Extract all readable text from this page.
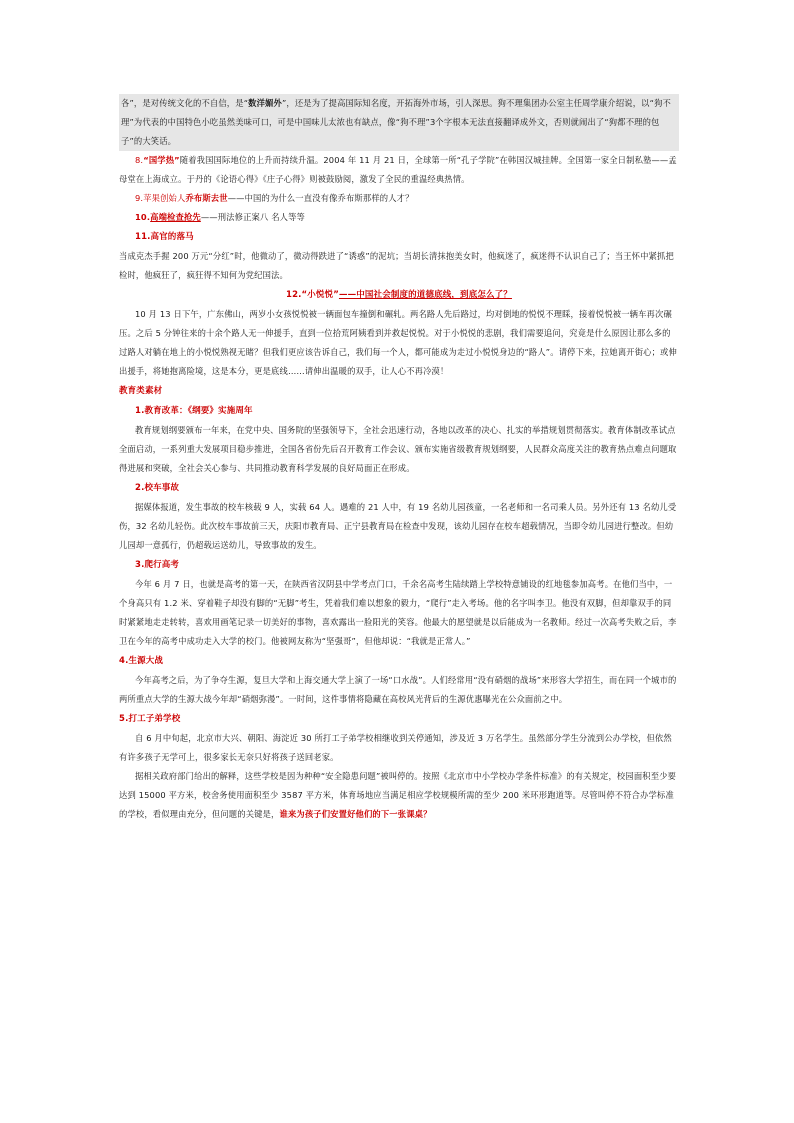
各”，是对传统文化的不自信，是“数洋媚外”，还是为了提高国际知名度，开拓海外市场，引人深思。狗不理集团办公室主任周学康介绍说，以“狗不理”为代表的中国特色小吃虽然美味可口，可是中国味儿太浓也有缺点，像“狗不理”3个字根本无法直接翻译成外文，否则就闹出了“狗都不理的包子”的大笑话。

8.“国学热”随着我国国际地位的上升而持续升温。2004 年 11 月 21 日，全球第一所“孔子学院”在韩国汉城挂牌。全国第一家全日制私塾——孟母堂在上海成立。于丹的《论语心得》《庄子心得》则被鼓励阅，激发了全民的重温经典热情。

9.苹果创始人乔布斯去世——中国的为什么一直没有像乔布斯那样的人才？

10.高端检查抢先——刑法修正案八 名人等等

11.高官的落马

当成克杰手握 200 万元“分红”时，他微动了，微动得跌进了“诱惑”的泥坑；当胡长清抹抱美女时，他疯迷了，疯迷得不认识自己了；当王怀中紧抓把检时，他疯狂了，疯狂得不知何为党纪国法。

12.“小悦悦”——中国社会制度的道德底线，到底怎么了？

10 月 13 日下午，广东佛山，两岁小女孩悦悦被一辆面包车撞倒和碾轧。两名路人先后路过，均对倒地的悦悦不理睬，接着悦悦被一辆车再次碾压。之后 5 分钟往来的十余个路人无一伸援手，直到一位拾荒阿姨看到并救起悦悦。对于小悦悦的悲剧，我们需要追问，究竟是什么原因让那么多的过路人对躺在地上的小悦悦熟视无睹？但我们更应该告诉自己，我们每一个人，都可能成为走过小悦悦身边的“路人”。请停下来，拉她离开街心；或伸出援手，将她抱离险境，这是本分，更是底线……请伸出温暖的双手，让人心不再冷漠！

教育类素材

1.教育改革：《纲要》实施周年

教育规划纲要颁布一年来，在党中央、国务院的坚强领导下，全社会迅速行动，各地以改革的决心、扎实的举措规划贯彻落实。教育体制改革试点全面启动，一系列重大发展项目稳步推进，全国各省份先后召开教育工作会议、颁布实施省级教育规划纲要，人民群众高度关注的教育热点难点问题取得进展和突破，全社会关心参与、共同推动教育科学发展的良好局面正在形成。

2.校车事故

据媒体报道，发生事故的校车核载 9 人，实载 64 人。遇难的 21 人中，有 19 名幼儿园孩童，一名老师和一名司乘人员。另外还有 13 名幼儿受伤，32 名幼儿轻伤。此次校车事故前三天，庆阳市教育局、正宁县教育局在检查中发现，该幼儿园存在校车超载情况，当即令幼儿园进行整改。但幼儿园却一意孤行，仍超载运送幼儿，导致事故的发生。

3.爬行高考

今年 6 月 7 日，也就是高考的第一天，在陕西省汉阴县中学考点门口，千余名高考生陆续踏上学校特意铺设的红地毯参加高考。在他们当中，一个身高只有 1.2 米、穿着鞋子却没有脚的“无脚”考生，凭着我们难以想象的毅力，“爬行”走入考场。他的名字叫李卫。他没有双脚，但却靠双手的同时紧紧地走走转转，喜欢用画笔记录一切美好的事物，喜欢露出一脸阳光的笑容。他最大的愿望就是以后能成为一名教师。经过一次高考失败之后，李卫在今年的高考中成功走入大学的校门。他被网友称为“坚强哥”，但他却说：“我就是正常人。”

4.生源大战

今年高考之后，为了争夺生源，复旦大学和上海交通大学上演了一场“口水战”。人们经常用“没有硝烟的战场”来形容大学招生，而在同一个城市的两所重点大学的生源大战今年却“硝烟弥漫”。一时间，这件事情将隐藏在高校风光背后的生源优惠曝光在公众面前之中。

5.打工子弟学校

自 6 月中旬起，北京市大兴、朝阳、海淀近 30 所打工子弟学校相继收到关停通知，涉及近 3 万名学生。虽然部分学生分流到公办学校，但依然有许多孩子无学可上，很多家长无奈只好将孩子送回老家。

据相关政府部门给出的解释，这些学校是因为种种“安全隐患问题”被叫停的。按照《北京市中小学校办学条件标准》的有关规定，校园面积至少要达到 15000 平方米，校舍务使用面积至少 3587 平方米，体育场地应当满足相应学校规模所需的至少 200 米环形跑道等。尽管叫停不符合办学标准的学校，看似理由充分，但问题的关键是，谁来为孩子们安置好他们的下一张课桌？
